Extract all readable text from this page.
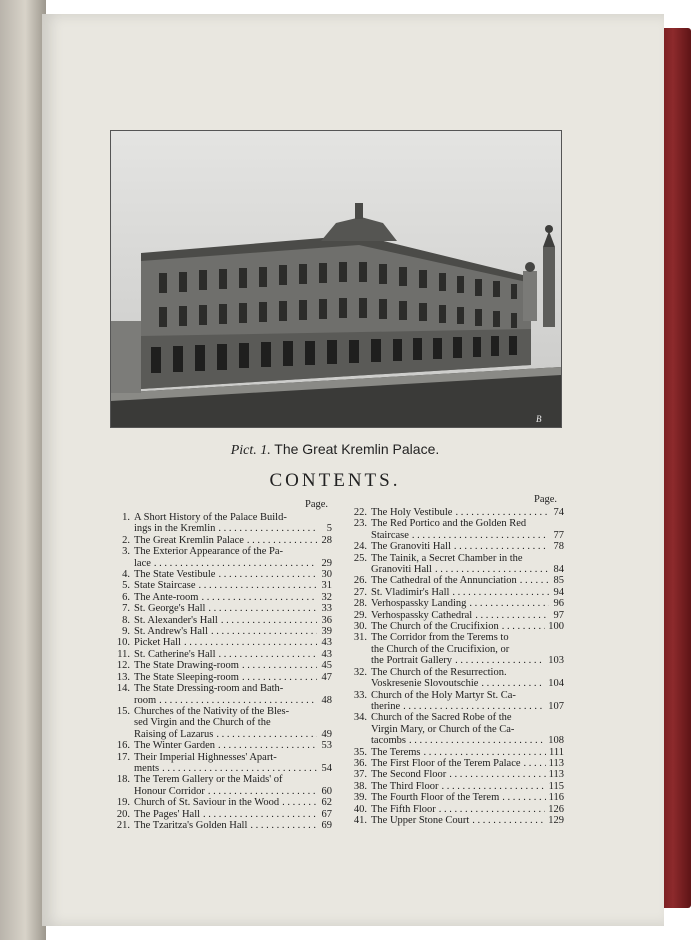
B
Pict. 1. The Great Kremlin Palace.
CONTENTS.
Page.	Page.
1. A Short History of the Palace Build-
ings in the Kremlin . . .	5
2. The Great Kremlin Palace . . .	28
3. The Exterior Appearance of the Pa-
lace . . .	29
4. The State Vestibule . . .	30
5. State Staircase . . .	31
6. The Ante-room . . .	32
7. St. George's Hall . . .	33
8. St. Alexander's Hall . . .	36
9. St. Andrew's Hall . . .	39
10. Picket Hall . . .	43
11. St. Catherine's Hall . . .	43
12. The State Drawing-room . . .	45
13. The State Sleeping-room . . .	47
14. The State Dressing-room and Bath-
room . . .	48
15. Churches of the Nativity of the Bles-
sed Virgin and the Church of the
Raising of Lazarus . . .	49
16. The Winter Garden . . .	53
17. Their Imperial Highnesses' Apart-
ments . . .	54
18. The Terem Gallery or the Maids' of
Honour Corridor . . .	60
19. Church of St. Saviour in the Wood . . .	62
20. The Pages' Hall . . .	67
21. The Tzaritza's Golden Hall . . .	69
22. The Holy Vestibule . . .	74
23. The Red Portico and the Golden Red
Staircase . . .	77
24. The Granoviti Hall . . .	78
25. The Tainik, a Secret Chamber in the
Granoviti Hall . . .	84
26. The Cathedral of the Annunciation . . .	85
27. St. Vladimir's Hall . . .	94
28. Verhospassky Landing . . .	96
29. Verhospassky Cathedral . . .	97
30. The Church of the Crucifixion . . .	100
31. The Corridor from the Terems to
the Church of the Crucifixion, or
the Portrait Gallery . . .	103
32. The Church of the Resurrection.
Voskresenie Slovoutschie . . .	104
33. Church of the Holy Martyr St. Ca-
therine . . .	107
34. Church of the Sacred Robe of the
Virgin Mary, or Church of the Ca-
tacombs . . .	108
35. The Terems . . .	111
36. The First Floor of the Terem Palace . . .	113
37. The Second Floor . . .	113
38. The Third Floor . . .	115
39. The Fourth Floor of the Terem . . .	116
40. The Fifth Floor . . .	126
41. The Upper Stone Court . . .	129
